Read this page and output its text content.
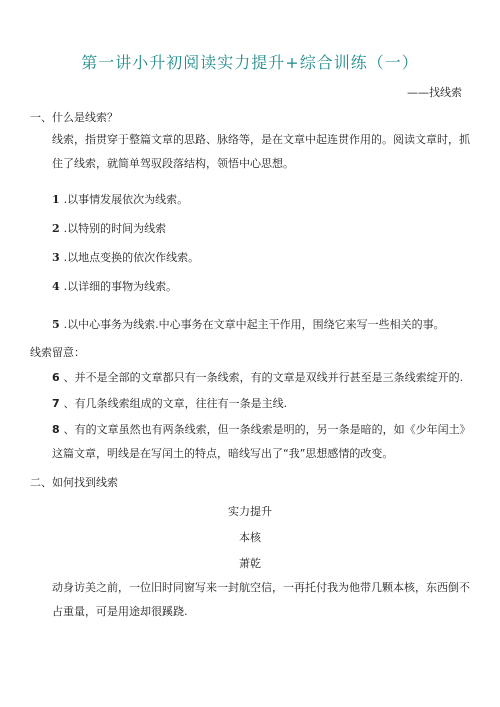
第一讲小升初阅读实力提升+综合训练（一）
——找线索
一、什么是线索？
线索，指贯穿于整篇文章的思路、脉络等，是在文章中起连贯作用的。阅读文章时，抓住了线索，就简单驾驭段落结构，领悟中心思想。
1 .以事情发展依次为线索。
2 .以特别的时间为线索
3 .以地点变换的依次作线索。
4 .以详细的事物为线索。
5 .以中心事务为线索.中心事务在文章中起主干作用，围绕它来写一些相关的事。
线索留意：
6 、并不是全部的文章都只有一条线索，有的文章是双线并行甚至是三条线索绽开的.
7 、有几条线索组成的文章，往往有一条是主线.
8 、有的文章虽然也有两条线索，但一条线索是明的，另一条是暗的，如《少年闰土》这篇文章，明线是在写闰土的特点，暗线写出了“我”思想感情的改变。
二、如何找到线索
实力提升
本核
萧乾
动身访美之前，一位旧时同窗写来一封航空信，一再托付我为他带几颗本核，东西倒不占重量，可是用途却很蹊跷.
